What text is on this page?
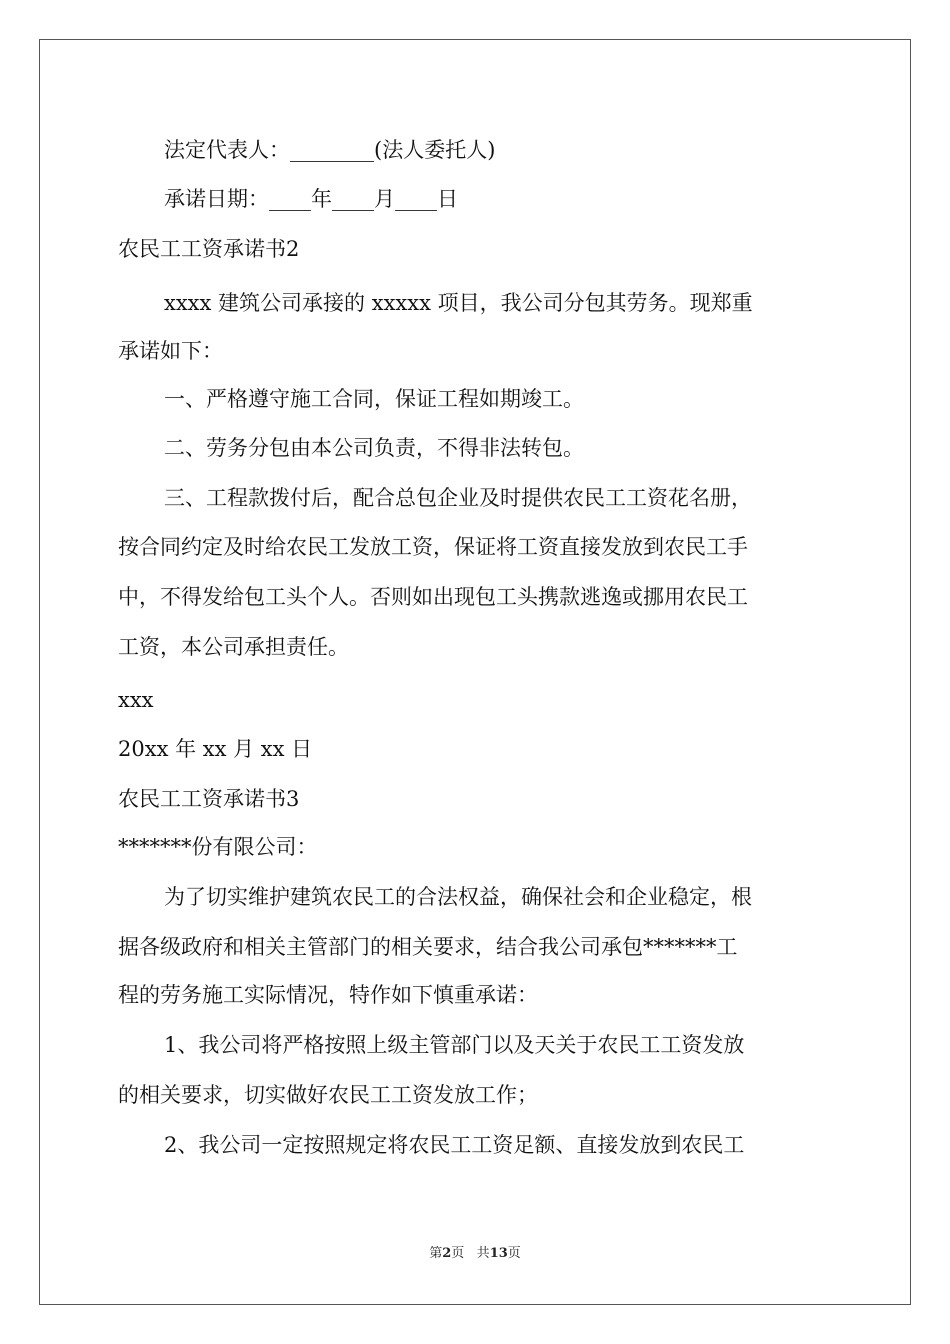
法定代表人：________(法人委托人)
承诺日期：____年____月____日
农民工工资承诺书2
xxxx 建筑公司承接的 xxxxx 项目，我公司分包其劳务。现郑重
承诺如下：
一、严格遵守施工合同，保证工程如期竣工。
二、劳务分包由本公司负责，不得非法转包。
三、工程款拨付后，配合总包企业及时提供农民工工资花名册，
按合同约定及时给农民工发放工资，保证将工资直接发放到农民工手
中，不得发给包工头个人。否则如出现包工头携款逃逸或挪用农民工
工资，本公司承担责任。
xxx
20xx 年 xx 月 xx 日
农民工工资承诺书3
*******份有限公司：
为了切实维护建筑农民工的合法权益，确保社会和企业稳定，根
据各级政府和相关主管部门的相关要求，结合我公司承包*******工
程的劳务施工实际情况，特作如下慎重承诺：
1、我公司将严格按照上级主管部门以及天关于农民工工资发放
的相关要求，切实做好农民工工资发放工作；
2、我公司一定按照规定将农民工工资足额、直接发放到农民工
第2页 共13页
